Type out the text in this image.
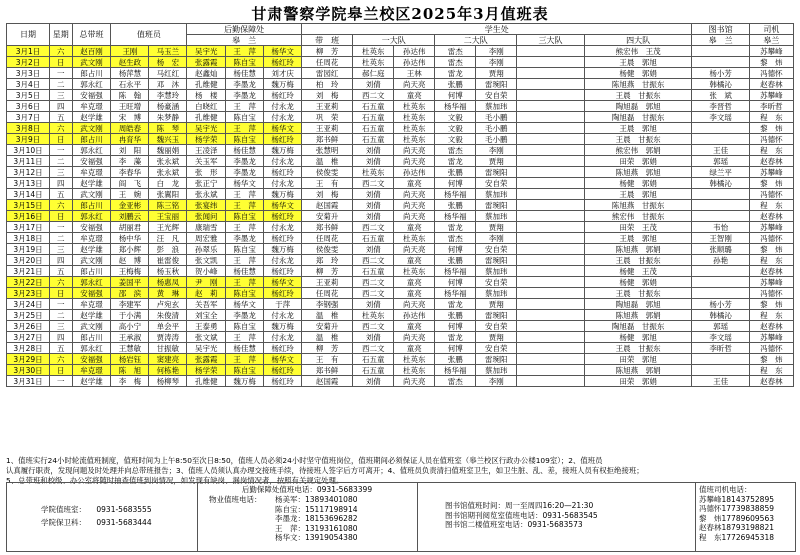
甘肃警察学院皋兰校区2025年3月值班表
日期	星期	总带班	值班员		后勤保障处			学生处							图书馆	司机
					皋　兰			带　班	一大队		二大队		三大队	四大队	皋　兰	皋兰
3月1日	六	赵百刚	王刚	马玉兰	吴宇光	王　萍	杨华文	柳　芳	杜英东	孙达伟	雷杰	李刚		熊宏伟　王茂		苏攀峰
3月2日	日	武文刚	赵生政	杨　宏	张露霞	陈自宝	杨红玲	任周花	杜英东	孙达伟	雷杰	李刚		王晨　郭旭		黎　炜
3月3日	一	郎占川	杨萍慧	马红红	赵鑫灿	杨佳慧	刘才庆	雷园红	郝仁庭	王林	雷龙	贾翔		杨健　郭娟	杨小芳	冯德怀
3月4日	二	郭永红	石永平	邓　沐	孔维健	李墨龙	魏万梅	柏　玲	刘倩	尚天亮	张鹏	雷琬阳		陈旭燕　甘振东	韩橘沁	赵春林
3月5日	三	安福强	陈　翰	李慧玲	杨　楼	李墨龙	杨红玲	刘　梅	西二文	童亮	何博	安自荣		王晨　甘振东	张　斌	苏攀峰
3月6日	四	牟克璟	王旺增	杨豪涵	白晓红	王　萍	付永龙	王亚莉	石五童	杜英东	杨华福	蔡加玮		陶旭磊　郭旭	李晋哲	李昕哲
3月7日	五	赵学雄	宋　博	朱梦静	孔维健	陈自宝	付永龙	巩　荣	石五童	杜英东	文毅	毛小鹏		陶旭磊　甘振东	李文瑶	程　东
3月8日	六	武文刚	周皓春	陈　琴	吴宇光	王　萍	杨华文	王亚莉	石五童	杜英东	文毅	毛小鹏		王晨　郭旭		黎　炜
3月9日	日	郎占川	冉育华	魏兴玉	杨学荣	陈自宝	杨红玲	郑书鲜	石五童	杜英东	文毅	毛小鹏		王晨　甘振东		冯德怀
3月10日	一	郭永红	刘　阳	魏丽娟	王凌泽	杨佳慧	魏万梅	张慧明	刘倩	尚天亮	雷杰	李刚		熊宏伟　郭娟	王佳	程　东
3月11日	二	安福强	李　藻	张永斌	关玉军	李墨龙	付永龙	温　椎	刘倩	尚天亮	雷龙	贾翔		田荣　郭娟	郭瑶	赵春林
3月12日	三	牟克璟	李春华	张永斌	张　形	李墨龙	杨红玲	侯俊雯	杜英东	孙达伟	张鹏	雷琬阳		陈旭燕　郭旭	绿兰平	苏攀峰
3月13日	四	赵学雄	阎　飞	白　龙	张正宁	杨华文	付永龙	王　有	西二文	童亮	何博	安自荣		杨健　郭娟	韩橘沁	黎　炜
3月14日	五	武文刚	王　婉	张翼阳	张永斌	王　萍	魏万梅	刘　梅	刘倩	尚天亮	杨华福	蔡加玮		王晨　郭旭		冯德怀
3月15日	六	郎占川	金亚彬	陈三铭	张宴纬	王　萍	杨华文	赵国霞	刘倩	尚天亮	张鹏	雷琬阳		陈旭燕　甘振东		程　东
3月16日	日	郭永红	刘鹏云	王宝丽	张闻问	陈自宝	杨红玲	安菊升	刘倩	尚天亮	杨华福	蔡加玮		熊宏伟　甘振东		赵春林
3月17日	一	安福强	胡丽君	王光辉	康瑞雪	王　萍	付永龙	郑书鲜	西二文	童亮	雷龙	贾翔		田荣　王茂	韦怡	苏攀峰
3月18日	二	牟克璟	杨中华	汪　凡	周宏雅	李墨龙	杨红玲	任周花	石五童	杜英东	雷杰	李刚		王晨　郭旭	王智刚	冯德怀
3月19日	三	赵学雄	郑小辉	彭　浪	孙翠乐	陈自宝	魏万梅	侯俊雯	刘倩	尚天亮	何博	安自荣		陈旭燕　郭娟	张顺璐	黎　炜
3月20日	四	武文刚	赵　博	崔雷俊	张文凯	王　萍	付永龙	郑　玲	西二文	童亮	张鹏	雷琬阳		王晨　甘振东	孙艳	程　东
3月21日	五	郎占川	王梅梅	杨玉秋	贺小峰	杨佳慧	杨红玲	柳　芳	石五童	杜英东	杨华福	蔡加玮		杨健　王茂		赵春林
3月22日	六	郭永红	姜国平	杨惠凤	尹　刚	王　萍	杨华文	王亚莉	西二文	童亮	何博	安自荣		杨健　郭娟		苏攀峰
3月23日	日	安福强	邵　滨	黄　琳	赵　莉	陈自宝	杨红玲	任周花	西二文	童亮	杨华福	蔡加玮		王晨　甘振东		冯德怀
3月24日	一	牟克璟	李建军	卢宛玄	关吾军	杨华文	于萍	李钢强	刘倩	尚天亮	雷龙	贾翔		陶旭磊　郭旭	杨小芳	黎　炜
3月25日	二	赵学雄	于小满	朱俊清	刘宝全	李墨龙	付永龙	温　椎	杜英东	孙达伟	张鹏	雷琬阳		陈旭燕　郭娟	韩橘沁	程　东
3月26日	三	武文刚	高小宁	单会平	王泰勇	陈自宝	魏万梅	安菊升	西二文	童亮	何博	安自荣		陶旭磊　甘振东	郭瑶	赵春林
3月27日	四	郎占川	王承淑	贾涛涛	张文斌	王　萍	付永龙	温　椎	刘倩	尚天亮	雷龙	贾翔		杨健　郭旭	李文瑶	苏攀峰
3月28日	五	郭永红	王慧敏	甘振敏	吴宇光	杨佳慧	杨红玲	柳　芳	西二文	童亮	何博	安自荣		王晨　甘振东	李昕哲	冯德怀
3月29日	六	安福强	杨岩钰	窦建亮	张露霞	王　萍	杨华文	王　有	石五童	杜英东	张鹏	雷琬阳		田荣　郭旭		黎　炜
3月30日	日	牟克璟	陈　旭	何栋艳	杨学荣	陈自宝	杨红玲	郑书鲜	石五童	杜英东	杨华福	蔡加玮		陈旭燕　郭娟		程　东
3月31日	一	赵学雄	李　梅	杨柳琴	孔维健	魏万梅	杨红玲	赵国霞	刘倩	尚天亮	雷杰	李刚		田荣　郭娟	王佳	赵春林
1、值班实行24小时轮流值班制度，值班时间为上午8:50至次日8:50，值班人员必须24小时坚守值班岗位，值班期间必须保证人员在值班室（皋兰校区行政办公楼109室）；2、值班员
认真履行职责，发现问题及时处理并向总带班报告；3、值班人员须认真办理交接班手续，待接班人签字后方可离开；4、值班员负责清扫值班室卫生，如卫生脏、乱、差，接班人员有权拒绝接班；
5、总带班和校级、办公室将随时抽查值班到岗情况，如发现有缺岗、漏岗情况者，按照有关规定处理。
学院值班室： 0931-5683555
学院保卫科： 0931-5683444
后勤保障处值班电话：0931-5683399
物业值班电话： 杨美军：13893401080
陈自宝：15117198914
李墨龙：18153696282
王　萍：13193161080
杨华文：13919054380
图书馆值班时间：周一至周四16:20—21:30
图书馆期刊阅览室值班电话：0931-5683545
图书馆二楼值班室电话：0931-5683573
值班司机电话：
苏攀峰18143752895
冯德怀17739838859
黎　炜17789609563
赵春林18793198821
程　东17726945318
